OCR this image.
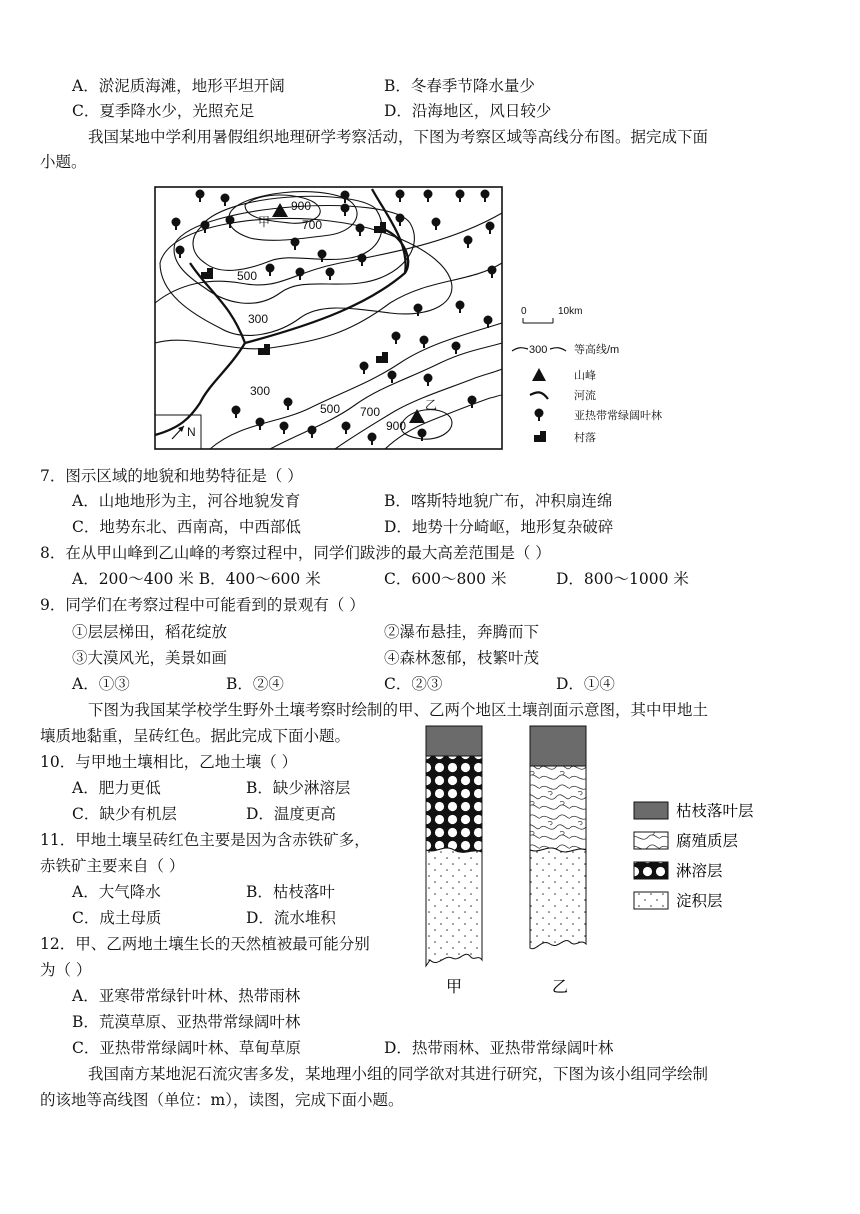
A．淤泥质海滩，地形平坦开阔	B．冬春季节降水量少
C．夏季降水少，光照充足	D．沿海地区，风日较少
我国某地中学利用暑假组织地理研学考察活动，下图为考察区域等高线分布图。据完成下面
小题。
900
700
500
300
300
500 700
900
甲
乙
N
0	10km
300 等高线/m
山峰
河流
亚热带常绿阔叶林
村落
7．图示区域的地貌和地势特征是（ ）
A．山地地形为主，河谷地貌发育	B．喀斯特地貌广布，冲积扇连绵
C．地势东北、西南高，中西部低	D．地势十分崎岖，地形复杂破碎
8．在从甲山峰到乙山峰的考察过程中，同学们跋涉的最大高差范围是（ ）
A．200～400 米 B．400～600 米	C．600～800 米	D．800～1000 米
9．同学们在考察过程中可能看到的景观有（ ）
①层层梯田，稻花绽放	②瀑布悬挂，奔腾而下
③大漠风光，美景如画	④森林葱郁，枝繁叶茂
A．①③	B．②④	C．②③	D．①④
下图为我国某学校学生野外土壤考察时绘制的甲、乙两个地区土壤剖面示意图，其中甲地土
壤质地黏重，呈砖红色。据此完成下面小题。
10．与甲地土壤相比，乙地土壤（ ）
A．肥力更低	B．缺少淋溶层
C．缺少有机层	D．温度更高
11．甲地土壤呈砖红色主要是因为含赤铁矿多，
赤铁矿主要来自（ ）
A．大气降水	B．枯枝落叶
C．成土母质	D．流水堆积
12．甲、乙两地土壤生长的天然植被最可能分别
为（ ）
A．亚寒带常绿针叶林、热带雨林
B．荒漠草原、亚热带常绿阔叶林
C．亚热带常绿阔叶林、草甸草原	D．热带雨林、亚热带常绿阔叶林
甲	乙
枯枝落叶层
腐殖质层
淋溶层
淀积层
我国南方某地泥石流灾害多发，某地理小组的同学欲对其进行研究，下图为该小组同学绘制
的该地等高线图（单位：m），读图，完成下面小题。
